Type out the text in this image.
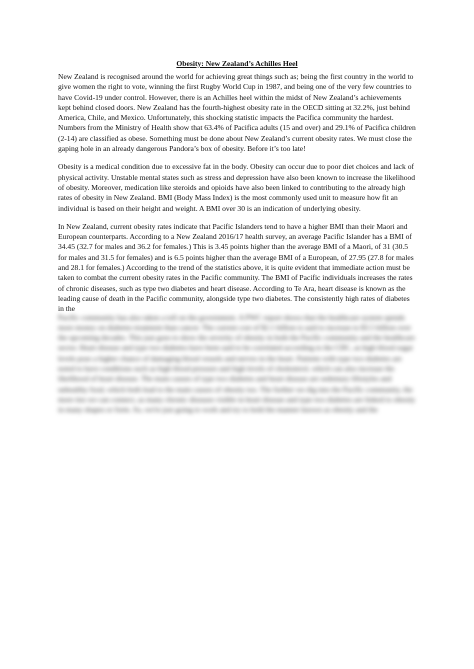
Obesity: New Zealand’s Achilles Heel

New Zealand is recognised around the world for achieving great things such as; being the first country in the world to give women the right to vote, winning the first Rugby World Cup in 1987, and being one of the very few countries to have Covid-19 under control. However, there is an Achilles heel within the midst of New Zealand’s achievements kept behind closed doors. New Zealand has the fourth-highest obesity rate in the OECD sitting at 32.2%, just behind America, Chile, and Mexico. Unfortunately, this shocking statistic impacts the Pacifica community the hardest. Numbers from the Ministry of Health show that 63.4% of Pacifica adults (15 and over) and 29.1% of Pacifica children (2-14) are classified as obese. Something must be done about New Zealand’s current obesity rates. We must close the gaping hole in an already dangerous Pandora’s box of obesity. Before it’s too late!

Obesity is a medical condition due to excessive fat in the body. Obesity can occur due to poor diet choices and lack of physical activity. Unstable mental states such as stress and depression have also been known to increase the likelihood of obesity. Moreover, medication like steroids and opioids have also been linked to contributing to the already high rates of obesity in New Zealand. BMI (Body Mass Index) is the most commonly used unit to measure how fit an individual is based on their height and weight. A BMI over 30 is an indication of underlying obesity.

In New Zealand, current obesity rates indicate that Pacific Islanders tend to have a higher BMI than their Maori and European counterparts. According to a New Zealand 2016/17 health survey, an average Pacific Islander has a BMI of 34.45 (32.7 for males and 36.2 for females.) This is 3.45 points higher than the average BMI of a Maori, of 31 (30.5 for males and 31.5 for females) and is 6.5 points higher than the average BMI of a European, of 27.95 (27.8 for males and 28.1 for females.) According to the trend of the statistics above, it is quite evident that immediate action must be taken to combat the current obesity rates in the Pacific community. The BMI of Pacific individuals increases the rates of chronic diseases, such as type two diabetes and heart disease. According to Te Ara, heart disease is known as the leading cause of death in the Pacific community, alongside type two diabetes. The consistently high rates of diabetes in the

Pacific community has also taken a toll on the government. A PWC report shows that the healthcare system spends more money on diabetes treatment than cancer. The current cost of $2.1 billion is said to increase to $3.5 billion over the upcoming decades. This just goes to show the severity of obesity in both the Pacific community and the healthcare sector. Heart disease and type two diabetes have been said to be correlated according to the CDC, as high blood sugar levels pose a higher chance of damaging blood vessels and nerves in the heart. Patients with type two diabetes are noted to have conditions such as high blood pressure and high levels of cholesterol, which can also increase the likelihood of heart disease. The main causes of type two diabetes and heart disease are sedentary lifestyles and unhealthy food, which both lead to the main causes of obesity too. The further we dig into the Pacific community, the more ties we can connect, as many chronic diseases visible in heart disease and type two diabetes are linked to obesity in many shapes or form. So, we're just going to work and try to hold the manner known as obesity and the
